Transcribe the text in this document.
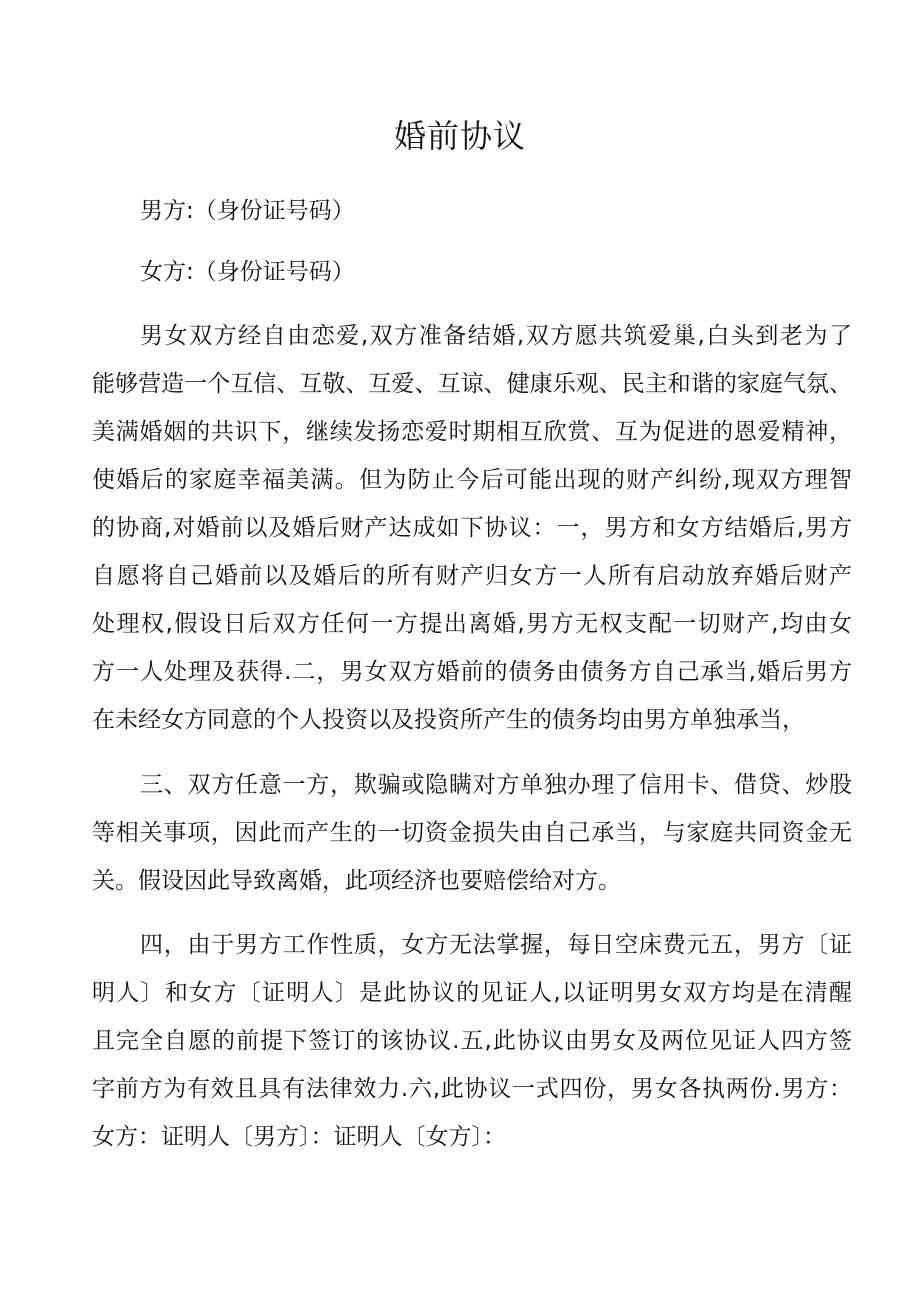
婚前协议

男方:（身份证号码）

女方:（身份证号码）

男女双方经自由恋爱,双方准备结婚,双方愿共筑爱巢,白头到老为了

能够营造一个互信、互敬、互爱、互谅、健康乐观、民主和谐的家庭气氛、

美满婚姻的共识下，继续发扬恋爱时期相互欣赏、互为促进的恩爱精神，

使婚后的家庭幸福美满。但为防止今后可能出现的财产纠纷,现双方理智

的协商,对婚前以及婚后财产达成如下协议：一，男方和女方结婚后,男方

自愿将自己婚前以及婚后的所有财产归女方一人所有启动放弃婚后财产

处理权,假设日后双方任何一方提出离婚,男方无权支配一切财产,均由女

方一人处理及获得.二，男女双方婚前的债务由债务方自己承当,婚后男方

在未经女方同意的个人投资以及投资所产生的债务均由男方单独承当，

三、双方任意一方，欺骗或隐瞒对方单独办理了信用卡、借贷、炒股

等相关事项，因此而产生的一切资金损失由自己承当，与家庭共同资金无

关。假设因此导致离婚，此项经济也要赔偿给对方。

四，由于男方工作性质，女方无法掌握，每日空床费元五，男方〔证

明人〕和女方〔证明人〕是此协议的见证人,以证明男女双方均是在清醒

且完全自愿的前提下签订的该协议.五,此协议由男女及两位见证人四方签

字前方为有效且具有法律效力.六,此协议一式四份，男女各执两份.男方：

女方：证明人〔男方〕：证明人〔女方〕：
